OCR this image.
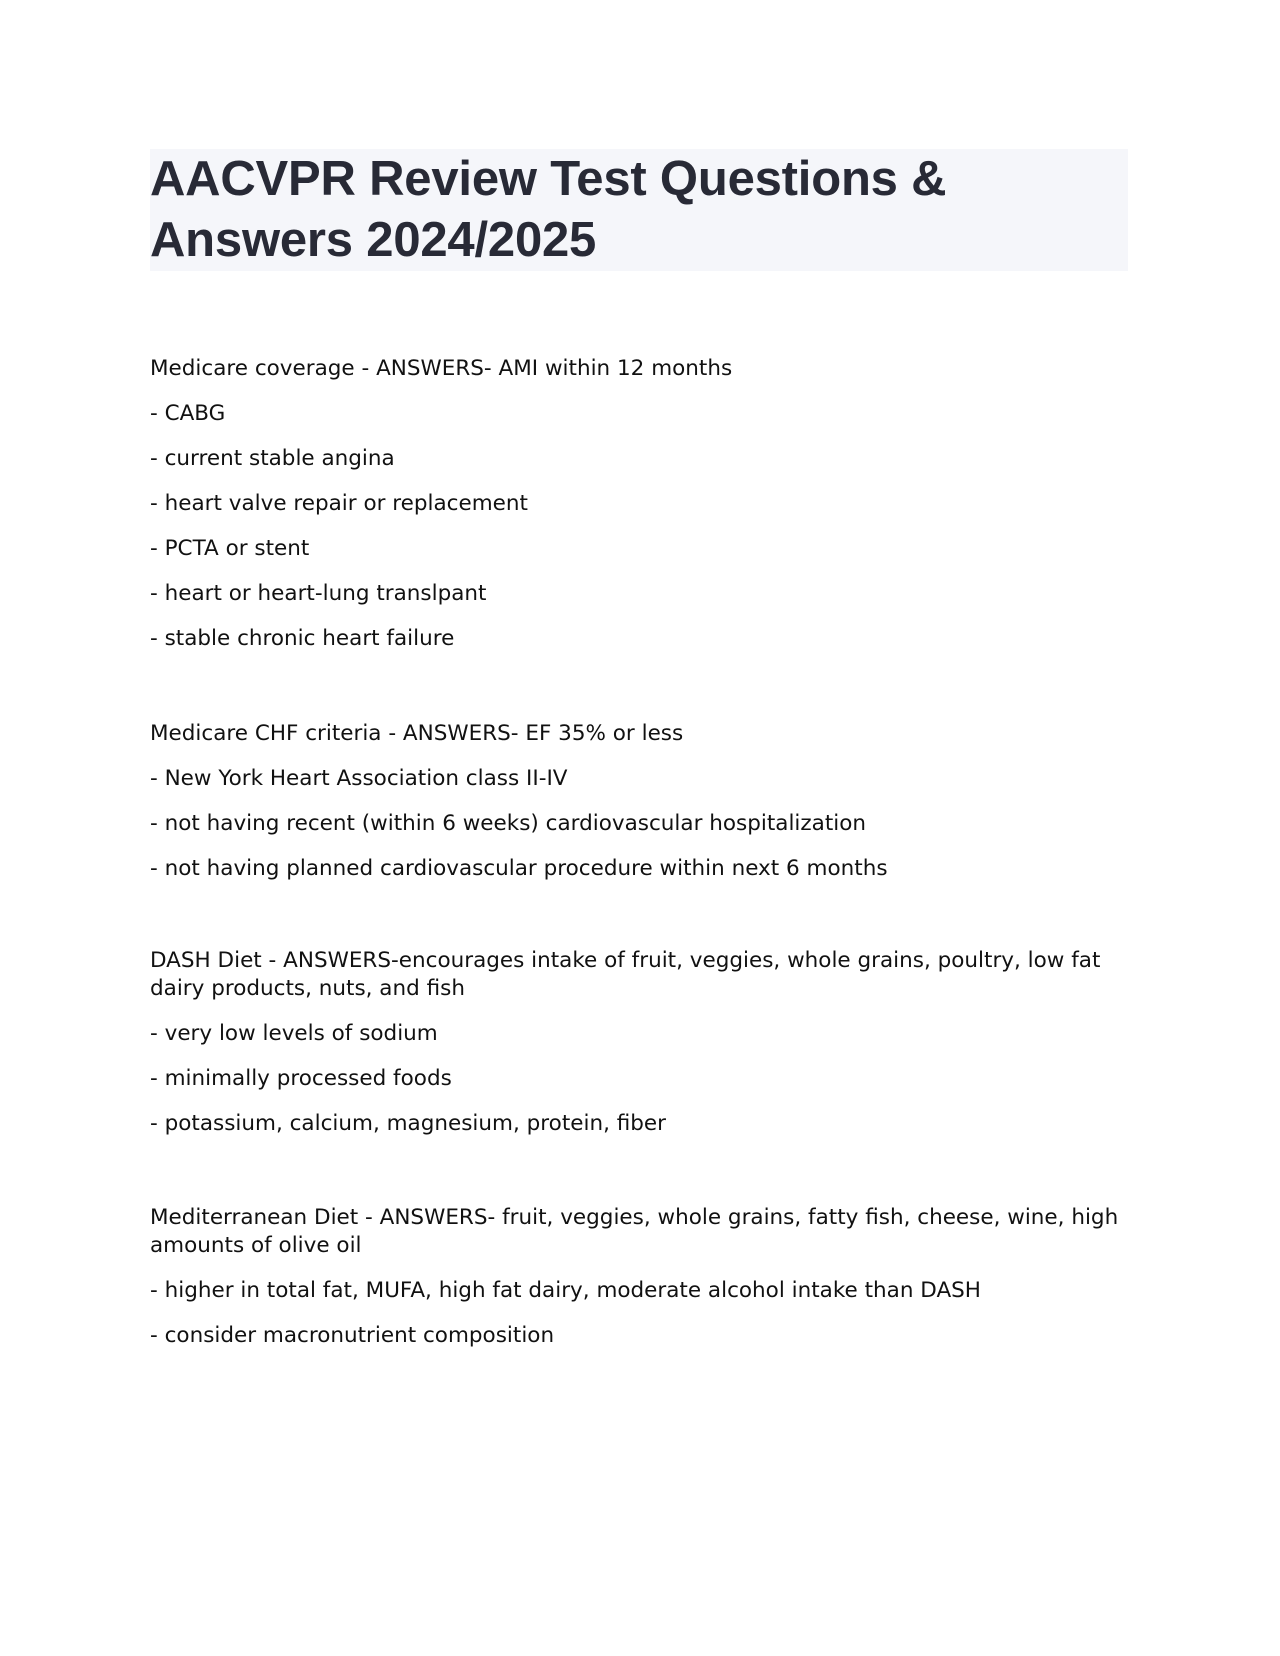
AACVPR Review Test Questions &
Answers 2024/2025

Medicare coverage - ANSWERS- AMI within 12 months

- CABG

- current stable angina

- heart valve repair or replacement

- PCTA or stent

- heart or heart-lung translpant

- stable chronic heart failure

Medicare CHF criteria - ANSWERS- EF 35% or less

- New York Heart Association class II-IV

- not having recent (within 6 weeks) cardiovascular hospitalization

- not having planned cardiovascular procedure within next 6 months

DASH Diet - ANSWERS-encourages intake of fruit, veggies, whole grains, poultry, low fat dairy products, nuts, and fish

- very low levels of sodium

- minimally processed foods

- potassium, calcium, magnesium, protein, fiber

Mediterranean Diet - ANSWERS- fruit, veggies, whole grains, fatty fish, cheese, wine, high amounts of olive oil

- higher in total fat, MUFA, high fat dairy, moderate alcohol intake than DASH

- consider macronutrient composition
